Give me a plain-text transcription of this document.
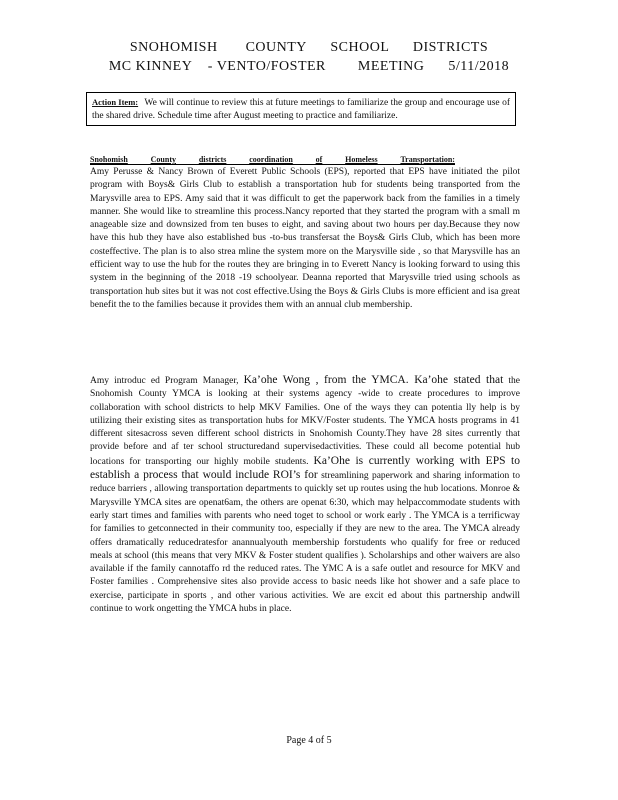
SNOHOMISH       COUNTY      SCHOOL      DISTRICTS
MC KINNEY    - VENTO/FOSTER        MEETING      5/11/2018
Action Item: We will continue to review this at future meetings to familiarize the group and encourage use of the shared drive. Schedule time after August meeting to practice and familiarize.
Snohomish	County	districts	coordination	of	Homeless	Transportation:
Amy Perusse & Nancy Brown of Everett Public Schools (EPS), reported that EPS have initiated the pilot program with Boys& Girls Club to establish a transportation hub for students being transported from the Marysville area to EPS. Amy said that it was difficult to get the paperwork back from the families in a timely manner. She would like to streamline this process.Nancy reported that they started the program with a small m anageable size and downsized from ten buses to eight, and saving about two hours per day.Because they now have this hub they have also established bus -to-bus transfersat the Boys& Girls Club, which has been more costeffective. The plan is to also strea mline the system more on the Marysville side , so that Marysville has an efficient way to use the hub for the routes they are bringing in to Everett Nancy is looking forward to using this system in the beginning of the 2018 -19 schoolyear. Deanna reported that Marysville tried using schools as transportation hub sites but it was not cost effective.Using the Boys & Girls Clubs is more efficient and isa great benefit the to the families because it provides them with an annual club membership.
Amy introduc ed Program Manager, Ka’ohe Wong , from the YMCA. Ka’ohe stated that the Snohomish County YMCA is looking at their systems agency -wide to create procedures to improve collaboration with school districts to help MKV Families. One of the ways they can potentia lly help is by utilizing their existing sites as transportation hubs for MKV/Foster students. The YMCA hosts programs in 41 different sitesacross seven different school districts in Snohomish County.They have 28 sites currently that provide before and af ter school structuredand supervisedactivities. These could all become potential hub locations for transporting our highly mobile students. Ka’Ohe is currently working with EPS to establish a process that would include ROI’s for streamlining paperwork and sharing information to reduce barriers , allowing transportation departments to quickly set up routes using the hub locations. Monroe & Marysville YMCA sites are openat6am, the others are openat 6:30, which may helpaccommodate students with early start times and families with parents who need toget to school or work early . The YMCA is a terrificway for families to getconnected in their community too, especially if they are new to the area. The YMCA already offers dramatically reducedratesfor anannualyouth membership forstudents who qualify for free or reduced meals at school (this means that very MKV & Foster student qualifies ). Scholarships and other waivers are also available if the family cannotaffo rd the reduced rates. The YMC A is a safe outlet and resource for MKV and Foster families . Comprehensive sites also provide access to basic needs like hot shower and a safe place to exercise, participate in sports , and other various activities. We are excit ed about this partnership andwill continue to work ongetting the YMCA hubs in place.
Page 4 of 5
